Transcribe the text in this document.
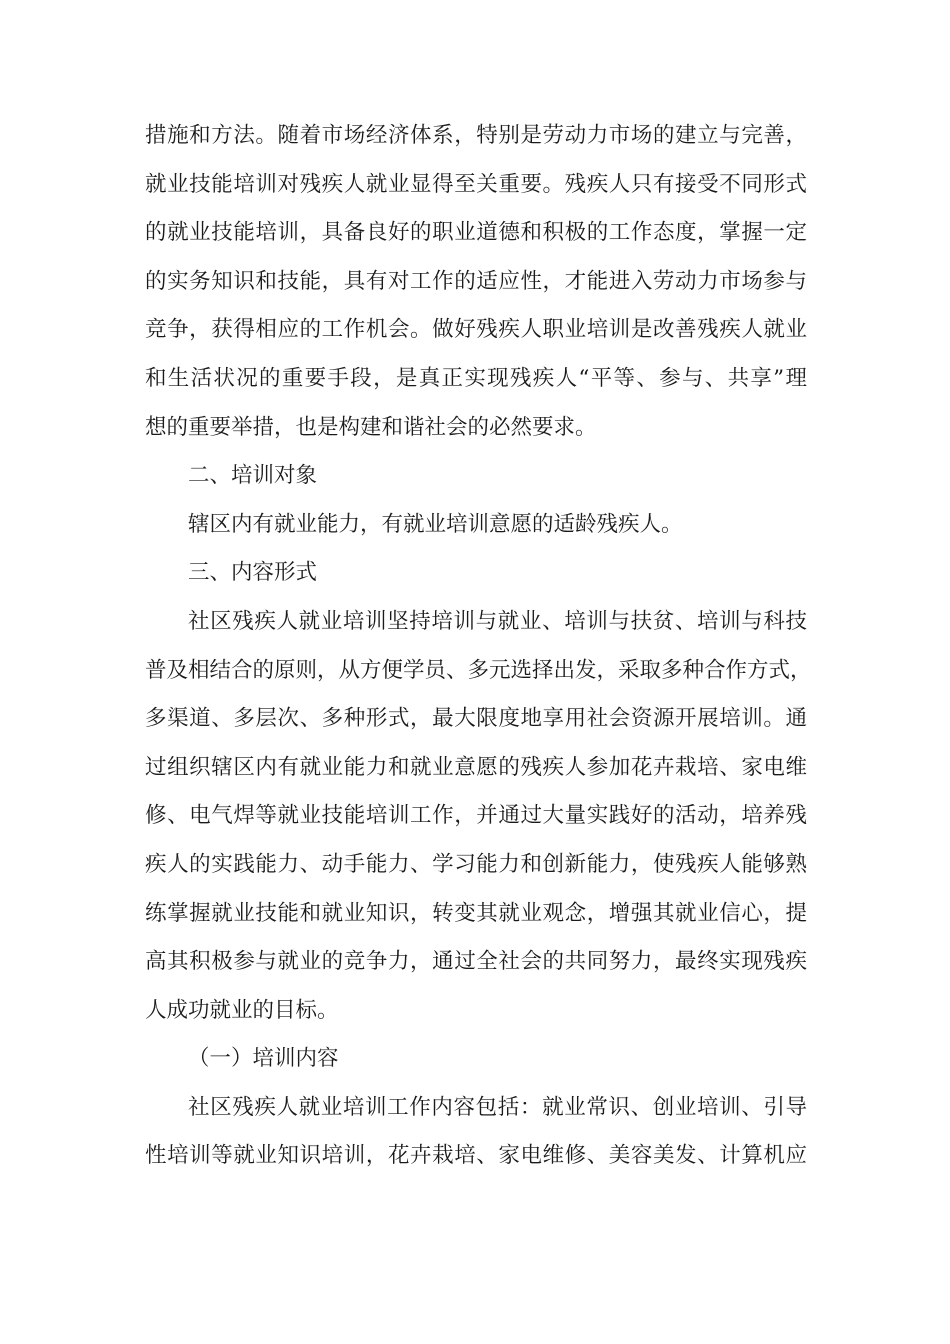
措施和方法。随着市场经济体系，特别是劳动力市场的建立与完善，
就业技能培训对残疾人就业显得至关重要。残疾人只有接受不同形式
的就业技能培训，具备良好的职业道德和积极的工作态度，掌握一定
的实务知识和技能，具有对工作的适应性，才能进入劳动力市场参与
竞争，获得相应的工作机会。做好残疾人职业培训是改善残疾人就业
和生活状况的重要手段，是真正实现残疾人“平等、参与、共享”理
想的重要举措，也是构建和谐社会的必然要求。
二、培训对象
辖区内有就业能力，有就业培训意愿的适龄残疾人。
三、内容形式
社区残疾人就业培训坚持培训与就业、培训与扶贫、培训与科技
普及相结合的原则，从方便学员、多元选择出发，采取多种合作方式，
多渠道、多层次、多种形式，最大限度地享用社会资源开展培训。通
过组织辖区内有就业能力和就业意愿的残疾人参加花卉栽培、家电维
修、电气焊等就业技能培训工作，并通过大量实践好的活动，培养残
疾人的实践能力、动手能力、学习能力和创新能力，使残疾人能够熟
练掌握就业技能和就业知识，转变其就业观念，增强其就业信心，提
高其积极参与就业的竞争力，通过全社会的共同努力，最终实现残疾
人成功就业的目标。
（一）培训内容
社区残疾人就业培训工作内容包括：就业常识、创业培训、引导
性培训等就业知识培训，花卉栽培、家电维修、美容美发、计算机应
